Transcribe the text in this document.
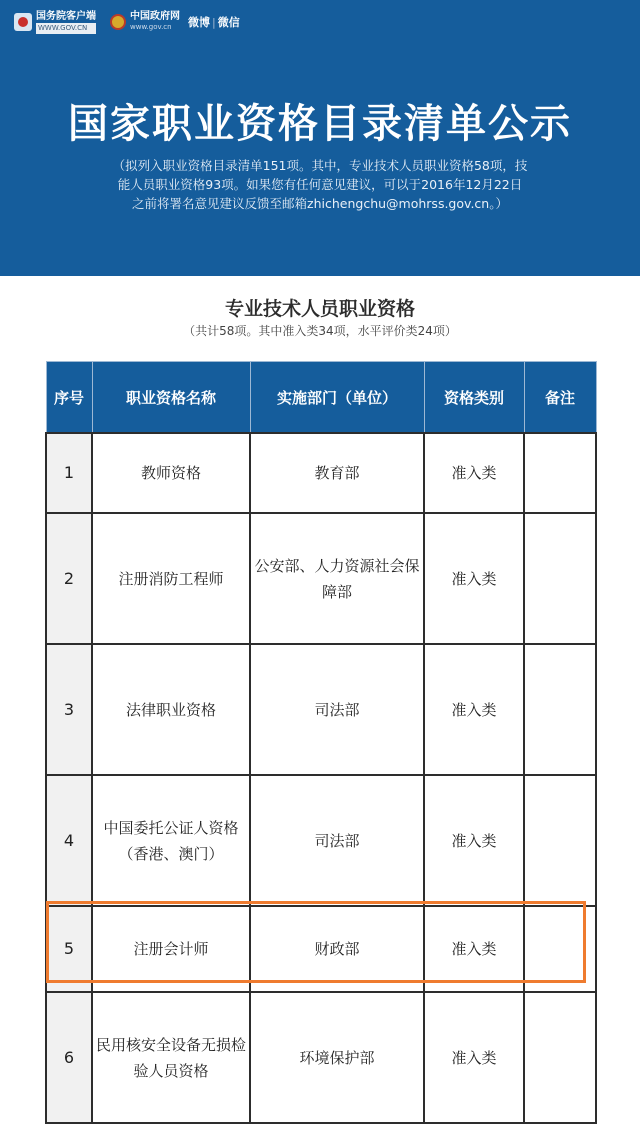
国务院客户端
WWW.GOV.CN
中国政府网
www.gov.cn	微博 | 微信
国家职业资格目录清单公示
（拟列入职业资格目录清单151项。其中，专业技术人员职业资格58项，技
能人员职业资格93项。如果您有任何意见建议，可以于2016年12月22日
之前将署名意见建议反馈至邮箱zhichengchu@mohrss.gov.cn。）
专业技术人员职业资格
（共计58项。其中准入类34项，水平评价类24项）
序号	职业资格名称	实施部门（单位）	资格类别	备注
1	教师资格	教育部	准入类	
2	注册消防工程师	公安部、人力资源社会保障部	准入类	
3	法律职业资格	司法部	准入类	
4	中国委托公证人资格（香港、澳门）	司法部	准入类	
5	注册会计师	财政部	准入类	
6	民用核安全设备无损检验人员资格	环境保护部	准入类	
